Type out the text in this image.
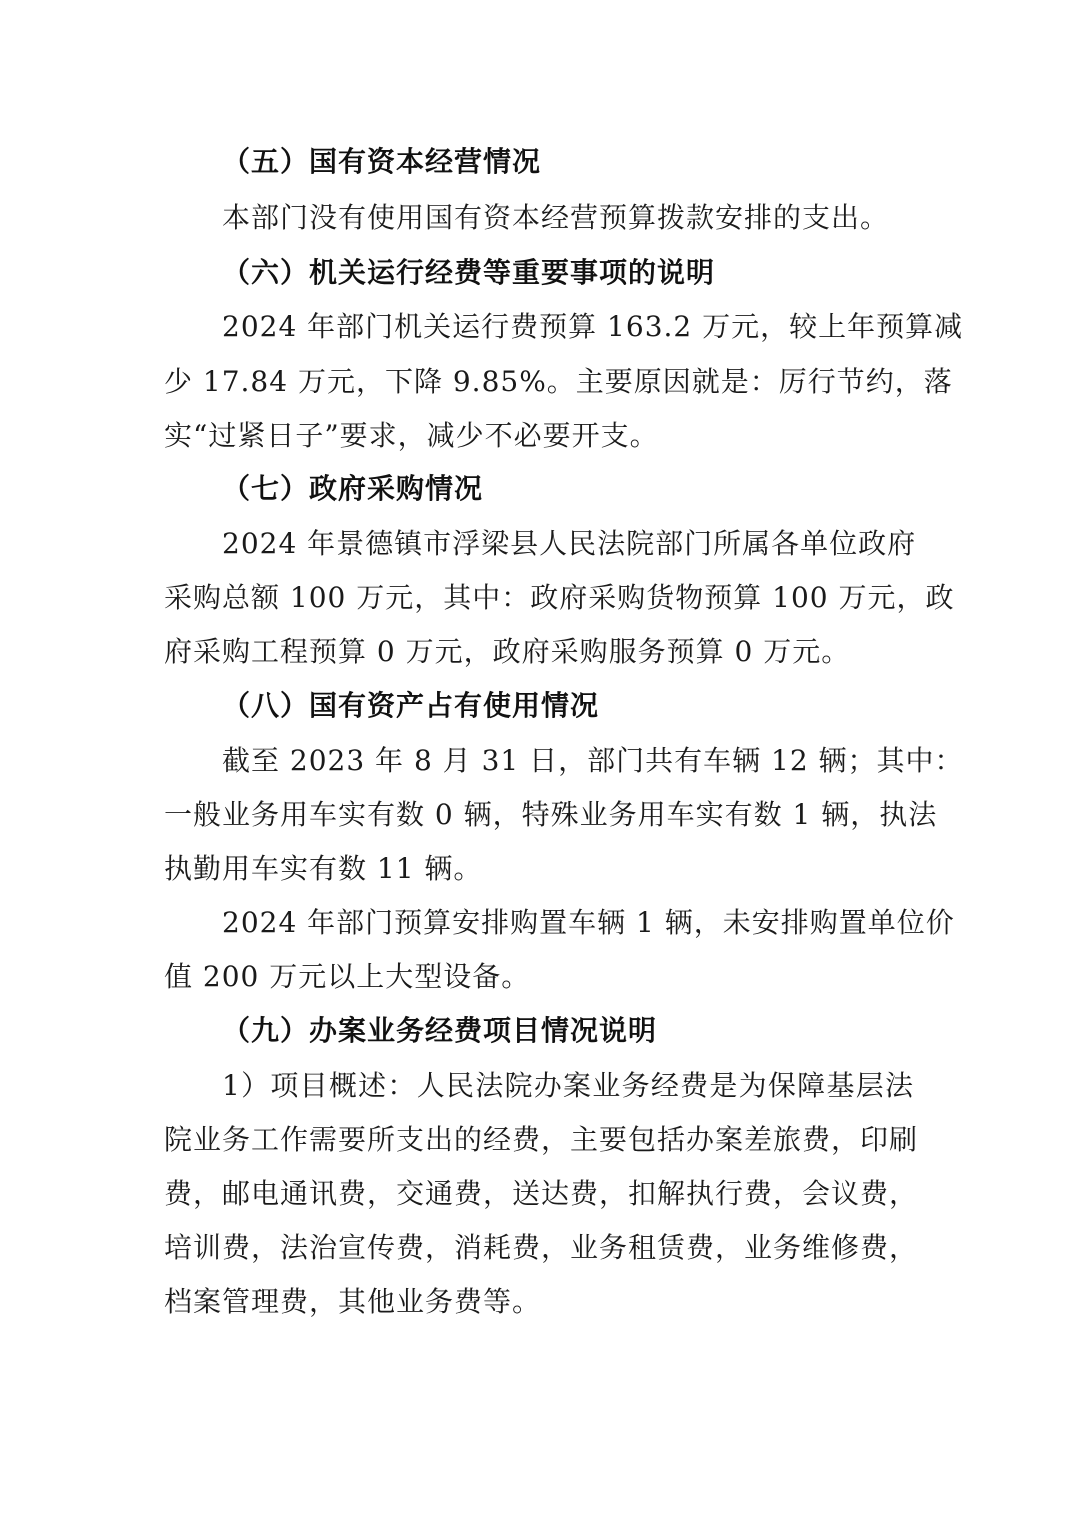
（五）国有资本经营情况
本部门没有使用国有资本经营预算拨款安排的支出。
（六）机关运行经费等重要事项的说明
2024 年部门机关运行费预算 163.2 万元，较上年预算减
少 17.84 万元，下降 9.85%。主要原因就是：厉行节约，落
实“过紧日子”要求，减少不必要开支。
（七）政府采购情况
2024 年景德镇市浮梁县人民法院部门所属各单位政府
采购总额 100 万元，其中：政府采购货物预算 100 万元，政
府采购工程预算 0 万元，政府采购服务预算 0 万元。
（八）国有资产占有使用情况
截至 2023 年 8 月 31 日，部门共有车辆 12 辆；其中：
一般业务用车实有数 0 辆，特殊业务用车实有数 1 辆，执法
执勤用车实有数 11 辆。
2024 年部门预算安排购置车辆 1 辆，未安排购置单位价
值 200 万元以上大型设备。
（九）办案业务经费项目情况说明
1）项目概述：人民法院办案业务经费是为保障基层法
院业务工作需要所支出的经费，主要包括办案差旅费，印刷
费，邮电通讯费，交通费，送达费，扣解执行费，会议费，
培训费，法治宣传费，消耗费，业务租赁费，业务维修费，
档案管理费，其他业务费等。
